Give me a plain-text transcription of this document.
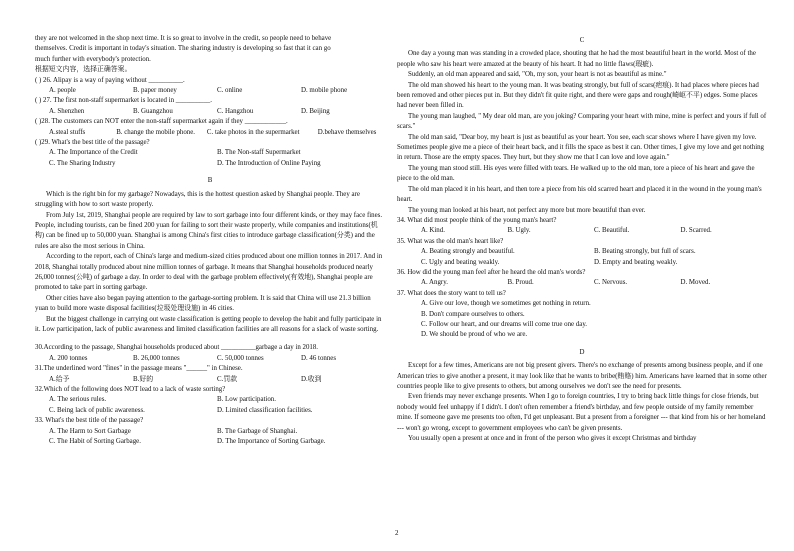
they are not welcomed in the shop next time. It is so great to involve in the credit, so people need to behave

themselves. Credit is important in today's situation. The sharing industry is developing so fast that it can go

much further with everybody's protection.

根据短文内容，选择正确答案。

( ) 26. Alipay is a way of paying without __________.

A. people	B. paper money	C. online	D. mobile phone

( ) 27. The first non-staff supermarket is located in __________.

A. Shenzhen	B. Guangzhou	C. Hangzhou	D. Beijing

( )28. The customers can NOT enter the non-staff supermarket again if they ____________.

A.steal stuffs	B. change the mobile phone.	C. take photos in the supermarket	D.behave themselves

( )29. What's the best title of the passage?

A. The Importance of the Credit	B. The Non-staff Supermarket
C. The Sharing Industry	D. The Introduction of Online Paying

B

Which is the right bin for my garbage? Nowadays, this is the hottest question asked by Shanghai people. They are struggling with how to sort waste properly.

From July 1st, 2019, Shanghai people are required by law to sort garbage into four different kinds, or they may face fines. People, including tourists, can be fined 200 yuan for failing to sort their waste properly, while companies and institutions(机构) can be fined up to 50,000 yuan. Shanghai is among China's first cities to introduce garbage classification(分类) and the rules are also the most serious in China.

According to the report, each of China's large and medium-sized cities produced about one million tonnes in 2017. And in 2018, Shanghai totally produced about nine million tonnes of garbage. It means that Shanghai households produced nearly 26,000 tonnes(公吨) of garbage a day. In order to deal with the garbage problem effectively(有效地), Shanghai people are promoted to take part in sorting garbage.

Other cities have also began paying attention to the garbage-sorting problem. It is said that China will use 21.3 billion yuan to build more waste disposal facilities(垃圾处理设施) in 46 cities.

But the biggest challenge in carrying out waste classification is getting people to develop the habit and fully participate in it. Low participation, lack of public awareness and limited classification facilities are all reasons for a slack of waste sorting.

30.According to the passage, Shanghai households produced about __________garbage a day in 2018.

A. 200 tonnes	B. 26,000 tonnes	C. 50,000 tonnes	D. 46 tonnes

31.The underlined word "fines" in the passage means "______" in Chinese.

A.给予	B.好的	C.罚款	D.收到

32.Which of the following does NOT lead to a lack of waste sorting?

A. The serious rules.	B. Low participation.
C. Being lack of public awareness.	D. Limited classification facilities.

33. What's the best title of the passage?

A. The Harm to Sort Garbage	B. The Garbage of Shanghai.
C. The Habit of Sorting Garbage.	D. The Importance of Sorting Garbage.

C

One day a young man was standing in a crowded place, shouting that he had the most beautiful heart in the world. Most of the people who saw his heart were amazed at the beauty of his heart. It had no little flaws(瑕疵).

Suddenly, an old man appeared and said, "Oh, my son, your heart is not as beautiful as mine."

The old man showed his heart to the young man. It was beating strongly, but full of scars(疤痕). It had places where pieces had been removed and other pieces put in. But they didn't fit quite right, and there were gaps and rough(崎岖不平) edges. Some places had never been filled in.

The young man laughed, " My dear old man, are you joking? Comparing your heart with mine, mine is perfect and yours if full of scars."

The old man said, "Dear boy, my heart is just as beautiful as your heart. You see, each scar shows where I have given my love. Sometimes people give me a piece of their heart back, and it fills the space as best it can. Other times, I give my love and get nothing in return. Those are the empty spaces. They hurt, but they show me that I can love and love again."

The young man stood still. His eyes were filled with tears. He walked up to the old man, tore a piece of his heart and gave the piece to the old man.

The old man placed it in his heart, and then tore a piece from his old scarred heart and placed it in the wound in the young man's heart.

The young man looked at his heart, not perfect any more but more beautiful than ever.

34. What did most people think of the young man's heart?

A. Kind.	B. Ugly.	C. Beautiful.	D. Scarred.

35. What was the old man's heart like?

A. Beating strongly and beautiful.	B. Beating strongly, but full of scars.
C. Ugly and beating weakly.	D. Empty and beating weakly.

36. How did the young man feel after he heard the old man's words?

A. Angry.	B. Proud.	C. Nervous.	D. Moved.

37. What does the story want to tell us?

A. Give our love, though we sometimes get nothing in return.

B. Don't compare ourselves to others.

C. Follow our heart, and our dreams will come true one day.

D. We should be proud of who we are.

D

Except for a few times, Americans are not big present givers. There's no exchange of presents among business people, and if one American tries to give another a present, it may look like that he wants to bribe(贿赂) him. Americans have learned that in some other countries people like to give presents to others, but among ourselves we don't see the need for presents.

Even friends may never exchange presents. When I go to foreign countries, I try to bring back little things for close friends, but nobody would feel unhappy if I didn't. I don't often remember a friend's birthday, and few people outside of my family remember mine. If someone gave me presents too often, I'd get unpleasant. But a present from a foreigner --- that kind from his or her homeland --- won't go wrong, except to government employees who can't be given presents.

You usually open a present at once and in front of the person who gives it except Christmas and birthday

2
